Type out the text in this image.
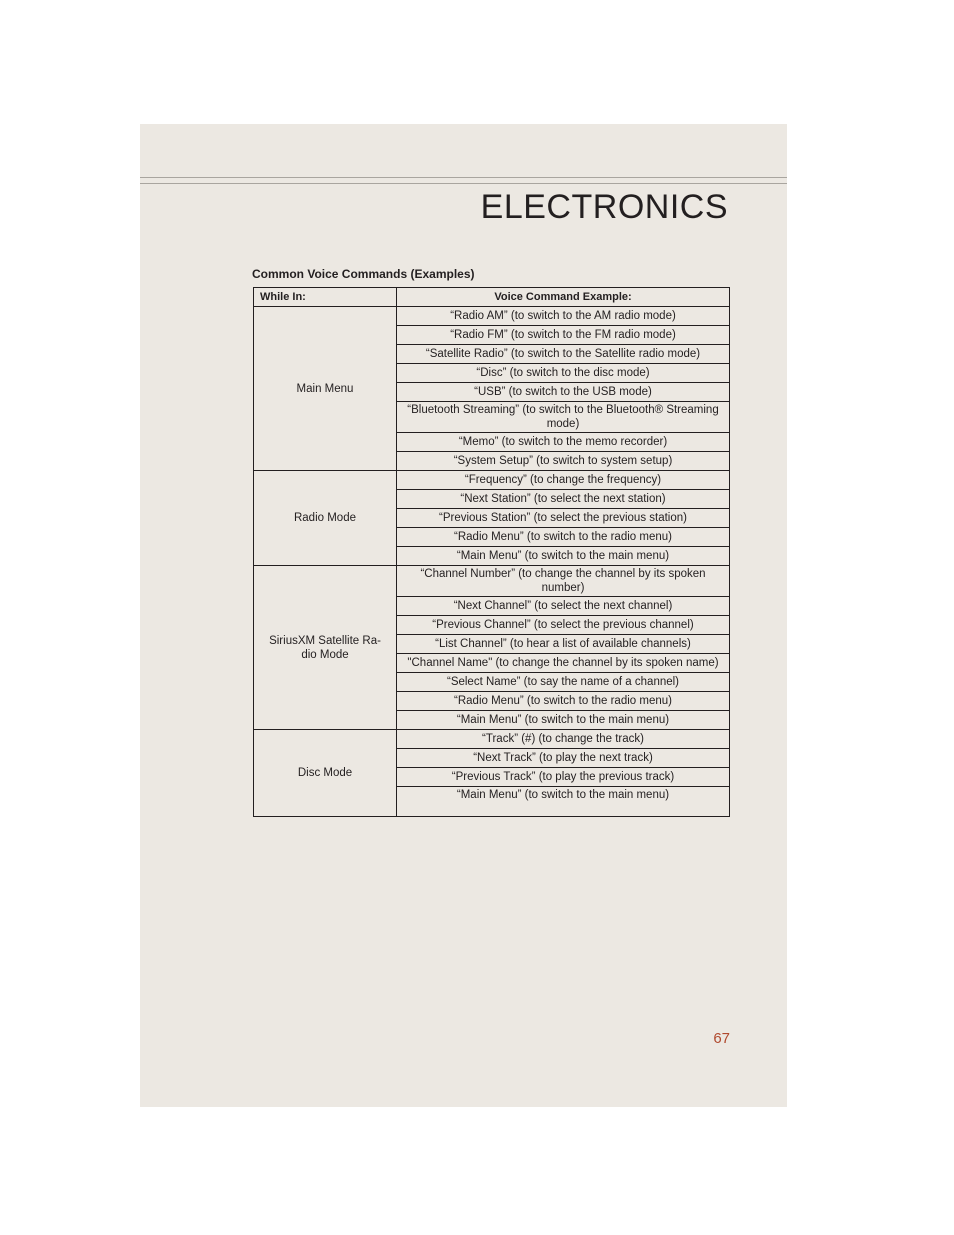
ELECTRONICS
Common Voice Commands (Examples)
While In:	Voice Command Example:
Main Menu	“Radio AM” (to switch to the AM radio mode)
	“Radio FM” (to switch to the FM radio mode)
	“Satellite Radio” (to switch to the Satellite radio mode)
	“Disc” (to switch to the disc mode)
	“USB” (to switch to the USB mode)
	“Bluetooth Streaming” (to switch to the Bluetooth® Streaming mode)
	“Memo” (to switch to the memo recorder)
	“System Setup” (to switch to system setup)
Radio Mode	“Frequency” (to change the frequency)
	“Next Station” (to select the next station)
	“Previous Station” (to select the previous station)
	“Radio Menu” (to switch to the radio menu)
	“Main Menu” (to switch to the main menu)
SiriusXM Satellite Ra-dio Mode	“Channel Number” (to change the channel by its spoken number)
	“Next Channel” (to select the next channel)
	“Previous Channel” (to select the previous channel)
	“List Channel” (to hear a list of available channels)
	"Channel Name" (to change the channel by its spoken name)
	“Select Name” (to say the name of a channel)
	“Radio Menu” (to switch to the radio menu)
	“Main Menu” (to switch to the main menu)
Disc Mode	“Track” (#) (to change the track)
	“Next Track” (to play the next track)
	“Previous Track” (to play the previous track)
	“Main Menu” (to switch to the main menu)
67
